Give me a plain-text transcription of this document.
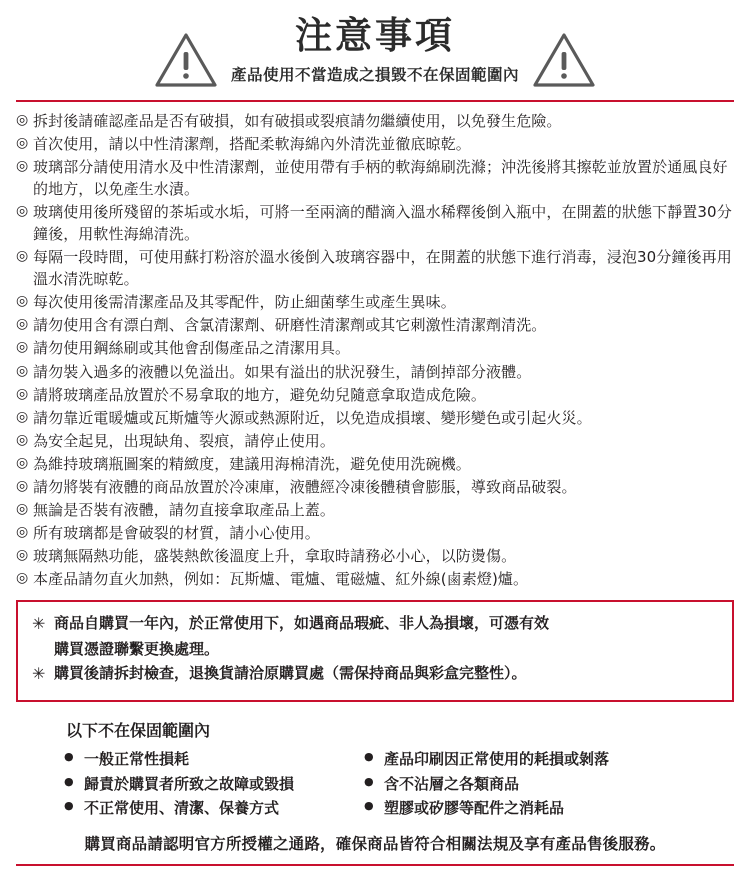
注意事項
產品使用不當造成之損毀不在保固範圍內
◎ 拆封後請確認產品是否有破損，如有破損或裂痕請勿繼續使用，以免發生危險。
◎ 首次使用，請以中性清潔劑，搭配柔軟海綿內外清洗並徹底晾乾。
◎ 玻璃部分請使用清水及中性清潔劑，並使用帶有手柄的軟海綿刷洗滌；沖洗後將其擦乾並放置於通風良好的地方，以免產生水漬。
◎ 玻璃使用後所殘留的茶垢或水垢，可將一至兩滴的醋滴入溫水稀釋後倒入瓶中，在開蓋的狀態下靜置30分鐘後，用軟性海綿清洗。
◎ 每隔一段時間，可使用蘇打粉溶於溫水後倒入玻璃容器中，在開蓋的狀態下進行消毒，浸泡30分鐘後再用溫水清洗晾乾。
◎ 每次使用後需清潔產品及其零配件，防止細菌孳生或產生異味。
◎ 請勿使用含有漂白劑、含氯清潔劑、研磨性清潔劑或其它刺激性清潔劑清洗。
◎ 請勿使用鋼絲刷或其他會刮傷產品之清潔用具。
◎ 請勿裝入過多的液體以免溢出。如果有溢出的狀況發生，請倒掉部分液體。
◎ 請將玻璃產品放置於不易拿取的地方，避免幼兒隨意拿取造成危險。
◎ 請勿靠近電暖爐或瓦斯爐等火源或熱源附近，以免造成損壞、變形變色或引起火災。
◎ 為安全起見，出現缺角、裂痕，請停止使用。
◎ 為維持玻璃瓶圖案的精緻度，建議用海棉清洗，避免使用洗碗機。
◎ 請勿將裝有液體的商品放置於冷凍庫，液體經冷凍後體積會膨脹，導致商品破裂。
◎ 無論是否裝有液體，請勿直接拿取產品上蓋。
◎ 所有玻璃都是會破裂的材質，請小心使用。
◎ 玻璃無隔熱功能，盛裝熱飲後溫度上升，拿取時請務必小心，以防燙傷。
◎ 本產品請勿直火加熱，例如：瓦斯爐、電爐、電磁爐、紅外線(鹵素燈)爐。
✳ 商品自購買一年內，於正常使用下，如遇商品瑕疵、非人為損壞，可憑有效
購買憑證聯繫更換處理。
✳ 購買後請拆封檢查，退換貨請洽原購買處（需保持商品與彩盒完整性）。
以下不在保固範圍內
● 一般正常性損耗
● 歸責於購買者所致之故障或毀損
● 不正常使用、清潔、保養方式
● 產品印刷因正常使用的耗損或剝落
● 含不沾層之各類商品
● 塑膠或矽膠等配件之消耗品
購買商品請認明官方所授權之通路，確保商品皆符合相關法規及享有產品售後服務。
